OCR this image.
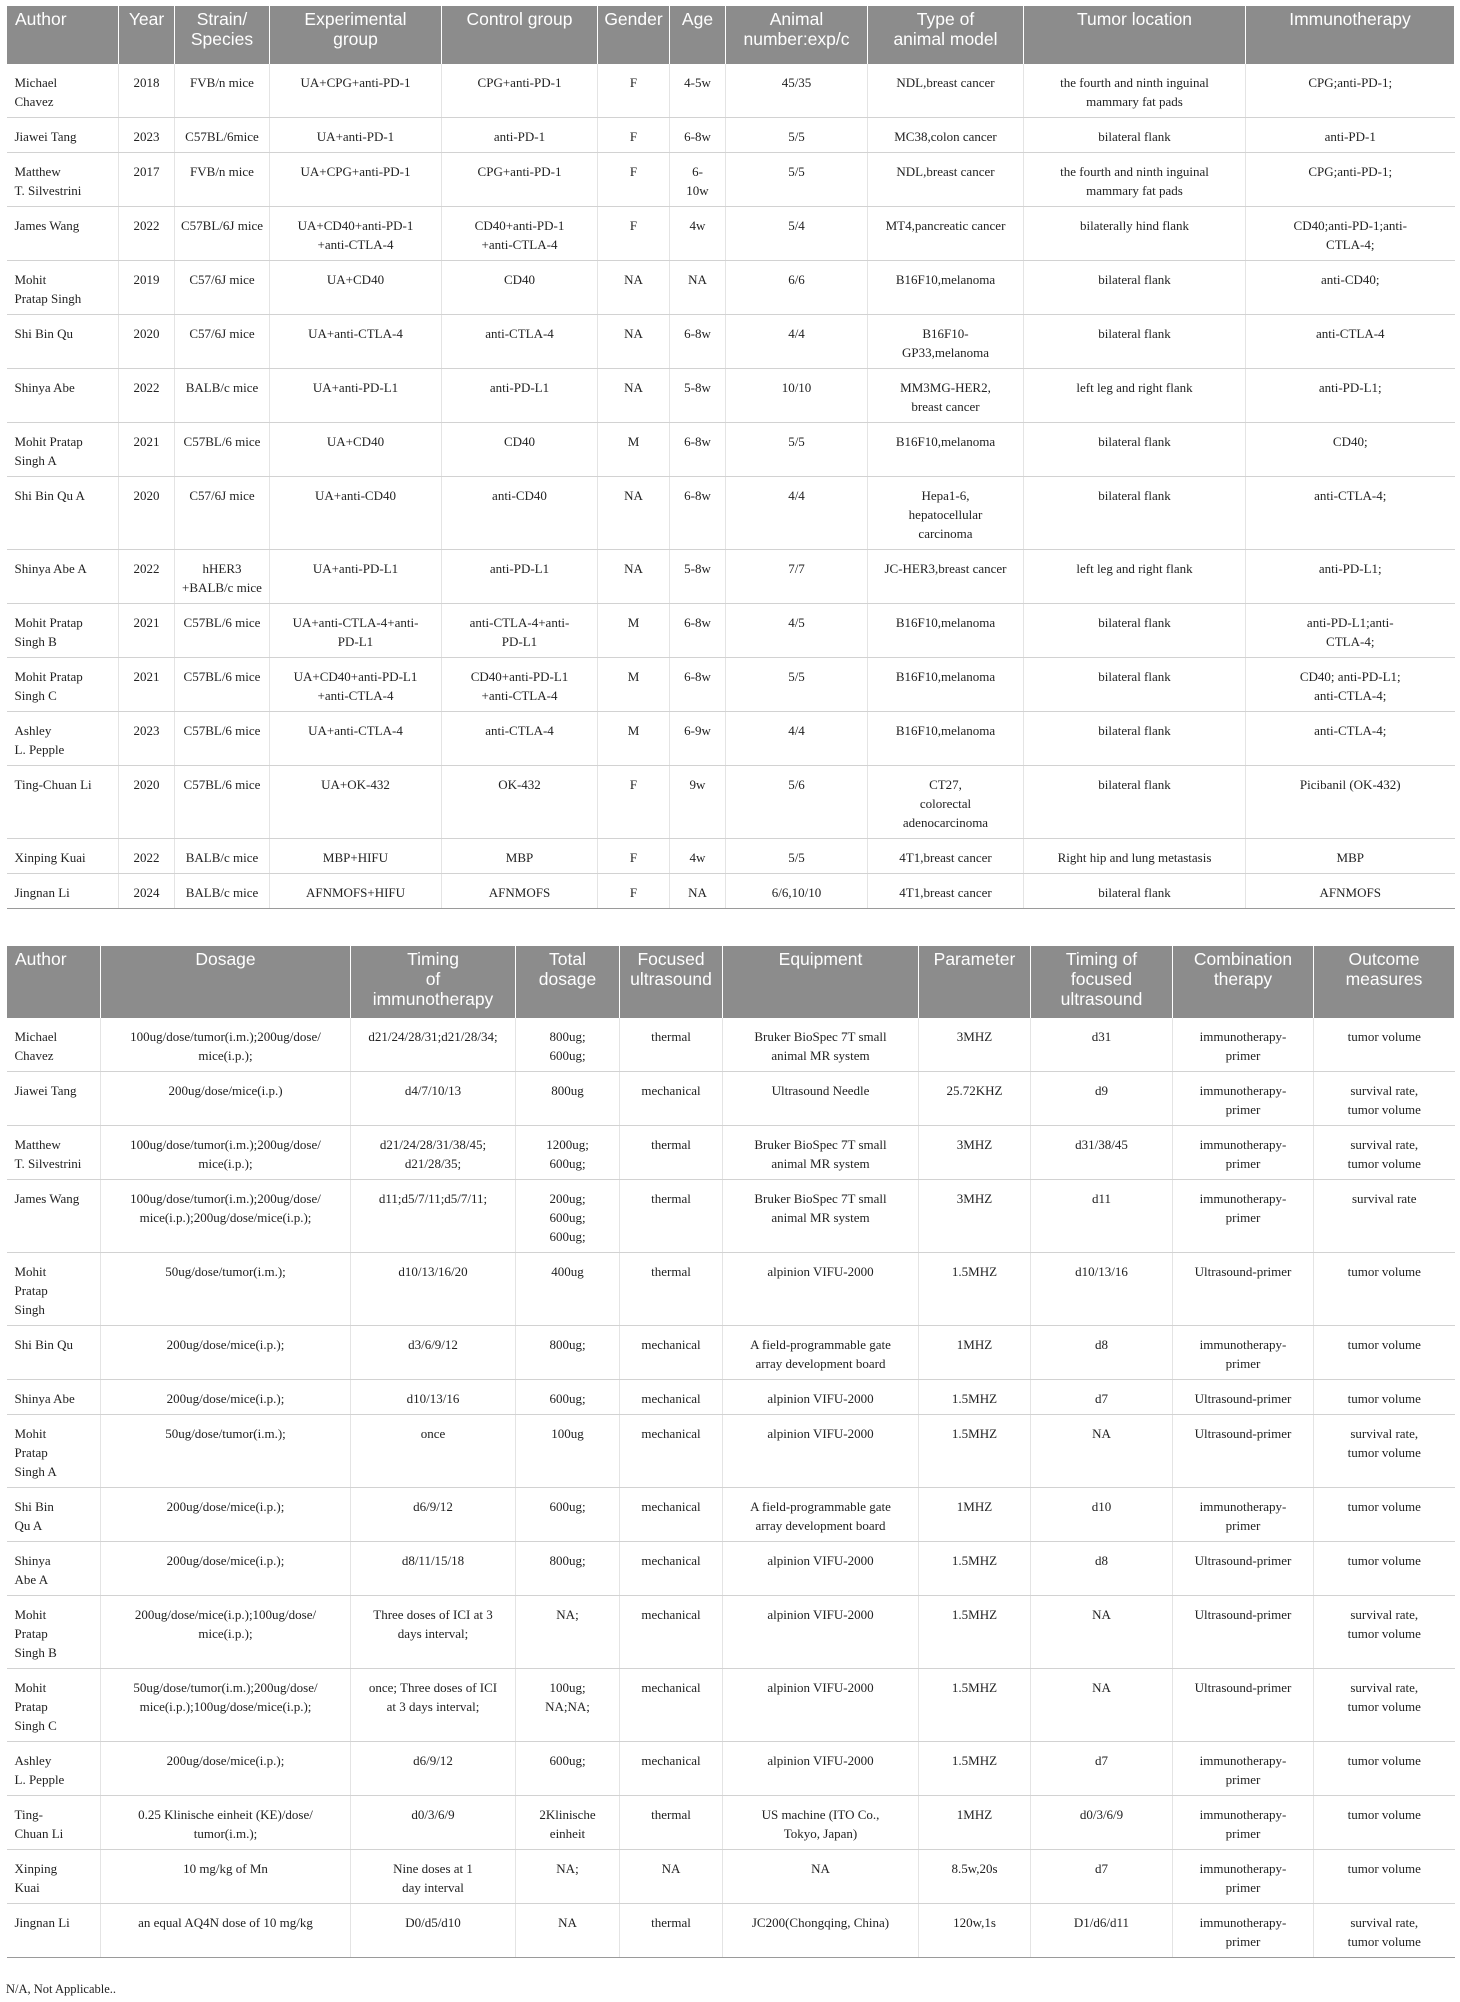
Author	Year	Strain/
Species	Experimental
group	Control group	Gender	Age	Animal
number:exp/c	Type of
animal model	Tumor location	Immunotherapy
Michael
Chavez	2018	FVB/n mice	UA+CPG+anti-PD-1	CPG+anti-PD-1	F	4-5w	45/35	NDL,breast cancer	the fourth and ninth inguinal
mammary fat pads	CPG;anti-PD-1;
Jiawei Tang	2023	C57BL/6mice	UA+anti-PD-1	anti-PD-1	F	6-8w	5/5	MC38,colon cancer	bilateral flank	anti-PD-1
Matthew
T. Silvestrini	2017	FVB/n mice	UA+CPG+anti-PD-1	CPG+anti-PD-1	F	6-
10w	5/5	NDL,breast cancer	the fourth and ninth inguinal
mammary fat pads	CPG;anti-PD-1;
James Wang	2022	C57BL/6J mice	UA+CD40+anti-PD-1
+anti-CTLA-4	CD40+anti-PD-1
+anti-CTLA-4	F	4w	5/4	MT4,pancreatic cancer	bilaterally hind flank	CD40;anti-PD-1;anti-
CTLA-4;
Mohit
Pratap Singh	2019	C57/6J mice	UA+CD40	CD40	NA	NA	6/6	B16F10,melanoma	bilateral flank	anti-CD40;
Shi Bin Qu	2020	C57/6J mice	UA+anti-CTLA-4	anti-CTLA-4	NA	6-8w	4/4	B16F10-
GP33,melanoma	bilateral flank	anti-CTLA-4
Shinya Abe	2022	BALB/c mice	UA+anti-PD-L1	anti-PD-L1	NA	5-8w	10/10	MM3MG-HER2,
breast cancer	left leg and right flank	anti-PD-L1;
Mohit Pratap
Singh A	2021	C57BL/6 mice	UA+CD40	CD40	M	6-8w	5/5	B16F10,melanoma	bilateral flank	CD40;
Shi Bin Qu A	2020	C57/6J mice	UA+anti-CD40	anti-CD40	NA	6-8w	4/4	Hepa1-6,
hepatocellular
carcinoma	bilateral flank	anti-CTLA-4;
Shinya Abe A	2022	hHER3
+BALB/c mice	UA+anti-PD-L1	anti-PD-L1	NA	5-8w	7/7	JC-HER3,breast cancer	left leg and right flank	anti-PD-L1;
Mohit Pratap
Singh B	2021	C57BL/6 mice	UA+anti-CTLA-4+anti-
PD-L1	anti-CTLA-4+anti-
PD-L1	M	6-8w	4/5	B16F10,melanoma	bilateral flank	anti-PD-L1;anti-
CTLA-4;
Mohit Pratap
Singh C	2021	C57BL/6 mice	UA+CD40+anti-PD-L1
+anti-CTLA-4	CD40+anti-PD-L1
+anti-CTLA-4	M	6-8w	5/5	B16F10,melanoma	bilateral flank	CD40; anti-PD-L1;
anti-CTLA-4;
Ashley
L. Pepple	2023	C57BL/6 mice	UA+anti-CTLA-4	anti-CTLA-4	M	6-9w	4/4	B16F10,melanoma	bilateral flank	anti-CTLA-4;
Ting-Chuan Li	2020	C57BL/6 mice	UA+OK-432	OK-432	F	9w	5/6	CT27,
colorectal
adenocarcinoma	bilateral flank	Picibanil (OK-432)
Xinping Kuai	2022	BALB/c mice	MBP+HIFU	MBP	F	4w	5/5	4T1,breast cancer	Right hip and lung metastasis	MBP
Jingnan Li	2024	BALB/c mice	AFNMOFS+HIFU	AFNMOFS	F	NA	6/6,10/10	4T1,breast cancer	bilateral flank	AFNMOFS
Author	Dosage	Timing
of
immunotherapy	Total
dosage	Focused
ultrasound	Equipment	Parameter	Timing of
focused
ultrasound	Combination
therapy	Outcome
measures
Michael
Chavez	100ug/dose/tumor(i.m.);200ug/dose/
mice(i.p.);	d21/24/28/31;d21/28/34;	800ug;
600ug;	thermal	Bruker BioSpec 7T small
animal MR system	3MHZ	d31	immunotherapy-
primer	tumor volume
Jiawei Tang	200ug/dose/mice(i.p.)	d4/7/10/13	800ug	mechanical	Ultrasound Needle	25.72KHZ	d9	immunotherapy-
primer	survival rate,
tumor volume
Matthew
T. Silvestrini	100ug/dose/tumor(i.m.);200ug/dose/
mice(i.p.);	d21/24/28/31/38/45;
d21/28/35;	1200ug;
600ug;	thermal	Bruker BioSpec 7T small
animal MR system	3MHZ	d31/38/45	immunotherapy-
primer	survival rate,
tumor volume
James Wang	100ug/dose/tumor(i.m.);200ug/dose/
mice(i.p.);200ug/dose/mice(i.p.);	d11;d5/7/11;d5/7/11;	200ug;
600ug;
600ug;	thermal	Bruker BioSpec 7T small
animal MR system	3MHZ	d11	immunotherapy-
primer	survival rate
Mohit
Pratap
Singh	50ug/dose/tumor(i.m.);	d10/13/16/20	400ug	thermal	alpinion VIFU-2000	1.5MHZ	d10/13/16	Ultrasound-primer	tumor volume
Shi Bin Qu	200ug/dose/mice(i.p.);	d3/6/9/12	800ug;	mechanical	A field-programmable gate
array development board	1MHZ	d8	immunotherapy-
primer	tumor volume
Shinya Abe	200ug/dose/mice(i.p.);	d10/13/16	600ug;	mechanical	alpinion VIFU-2000	1.5MHZ	d7	Ultrasound-primer	tumor volume
Mohit
Pratap
Singh A	50ug/dose/tumor(i.m.);	once	100ug	mechanical	alpinion VIFU-2000	1.5MHZ	NA	Ultrasound-primer	survival rate,
tumor volume
Shi Bin
Qu A	200ug/dose/mice(i.p.);	d6/9/12	600ug;	mechanical	A field-programmable gate
array development board	1MHZ	d10	immunotherapy-
primer	tumor volume
Shinya
Abe A	200ug/dose/mice(i.p.);	d8/11/15/18	800ug;	mechanical	alpinion VIFU-2000	1.5MHZ	d8	Ultrasound-primer	tumor volume
Mohit
Pratap
Singh B	200ug/dose/mice(i.p.);100ug/dose/
mice(i.p.);	Three doses of ICI at 3
days interval;	NA;	mechanical	alpinion VIFU-2000	1.5MHZ	NA	Ultrasound-primer	survival rate,
tumor volume
Mohit
Pratap
Singh C	50ug/dose/tumor(i.m.);200ug/dose/
mice(i.p.);100ug/dose/mice(i.p.);	once; Three doses of ICI
at 3 days interval;	100ug;
NA;NA;	mechanical	alpinion VIFU-2000	1.5MHZ	NA	Ultrasound-primer	survival rate,
tumor volume
Ashley
L. Pepple	200ug/dose/mice(i.p.);	d6/9/12	600ug;	mechanical	alpinion VIFU-2000	1.5MHZ	d7	immunotherapy-
primer	tumor volume
Ting-
Chuan Li	0.25 Klinische einheit (KE)/dose/
tumor(i.m.);	d0/3/6/9	2Klinische
einheit	thermal	US machine (ITO Co.,
Tokyo, Japan)	1MHZ	d0/3/6/9	immunotherapy-
primer	tumor volume
Xinping
Kuai	10 mg/kg of Mn	Nine doses at 1
day interval	NA;	NA	NA	8.5w,20s	d7	immunotherapy-
primer	tumor volume
Jingnan Li	an equal AQ4N dose of 10 mg/kg	D0/d5/d10	NA	thermal	JC200(Chongqing, China)	120w,1s	D1/d6/d11	immunotherapy-
primer	survival rate,
tumor volume
N/A, Not Applicable..
